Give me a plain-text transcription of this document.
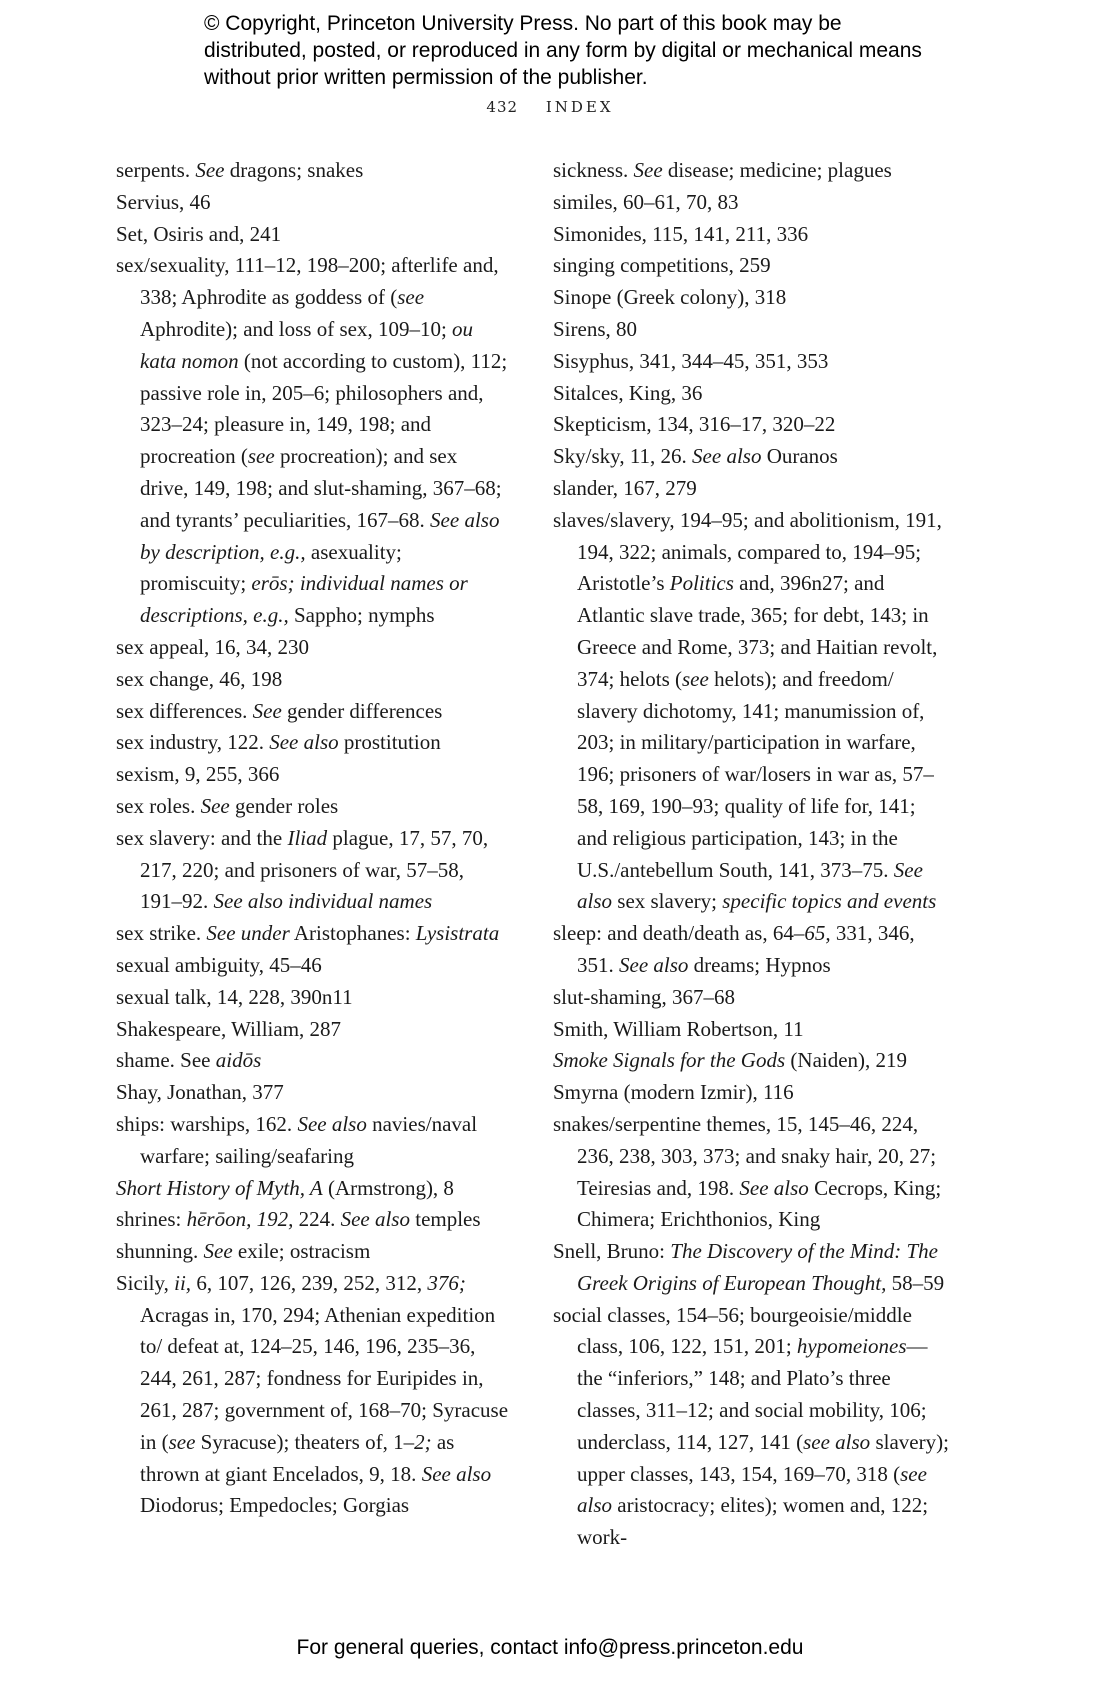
© Copyright, Princeton University Press. No part of this book may be distributed, posted, or reproduced in any form by digital or mechanical means without prior written permission of the publisher.
432 INDEX

serpents. See dragons; snakes

Servius, 46

Set, Osiris and, 241

sex/sexuality, 111–12, 198–200; afterlife and, 338; Aphrodite as goddess of (see Aphrodite); and loss of sex, 109–10; ou kata nomon (not according to custom), 112; passive role in, 205–6; philosophers and, 323–24; pleasure in, 149, 198; and procreation (see procreation); and sex drive, 149, 198; and slut-shaming, 367–68; and tyrants’ peculiarities, 167–68. See also by description, e.g., asexuality; promiscuity; erōs; individual names or descriptions, e.g., Sappho; nymphs

sex appeal, 16, 34, 230

sex change, 46, 198

sex differences. See gender differences

sex industry, 122. See also prostitution

sexism, 9, 255, 366

sex roles. See gender roles

sex slavery: and the Iliad plague, 17, 57, 70, 217, 220; and prisoners of war, 57–58, 191–92. See also individual names

sex strike. See under Aristophanes: Lysistrata

sexual ambiguity, 45–46

sexual talk, 14, 228, 390n11

Shakespeare, William, 287

shame. See aidōs

Shay, Jonathan, 377

ships: warships, 162. See also navies/naval warfare; sailing/seafaring

Short History of Myth, A (Armstrong), 8

shrines: hērōon, 192, 224. See also temples

shunning. See exile; ostracism

Sicily, ii, 6, 107, 126, 239, 252, 312, 376; Acragas in, 170, 294; Athenian expedition to/ defeat at, 124–25, 146, 196, 235–36, 244, 261, 287; fondness for Euripides in, 261, 287; government of, 168–70; Syracuse in (see Syracuse); theaters of, 1–2; as thrown at giant Encelados, 9, 18. See also Diodorus; Empedocles; Gorgias

sickness. See disease; medicine; plagues

similes, 60–61, 70, 83

Simonides, 115, 141, 211, 336

singing competitions, 259

Sinope (Greek colony), 318

Sirens, 80

Sisyphus, 341, 344–45, 351, 353

Sitalces, King, 36

Skepticism, 134, 316–17, 320–22

Sky/sky, 11, 26. See also Ouranos

slander, 167, 279

slaves/slavery, 194–95; and abolitionism, 191, 194, 322; animals, compared to, 194–95; Aristotle’s Politics and, 396n27; and Atlantic slave trade, 365; for debt, 143; in Greece and Rome, 373; and Haitian revolt, 374; helots (see helots); and freedom/ slavery dichotomy, 141; manumission of, 203; in military/participation in warfare, 196; prisoners of war/losers in war as, 57–58, 169, 190–93; quality of life for, 141; and religious participation, 143; in the U.S./antebellum South, 141, 373–75. See also sex slavery; specific topics and events

sleep: and death/death as, 64–65, 331, 346, 351. See also dreams; Hypnos

slut-shaming, 367–68

Smith, William Robertson, 11

Smoke Signals for the Gods (Naiden), 219

Smyrna (modern Izmir), 116

snakes/serpentine themes, 15, 145–46, 224, 236, 238, 303, 373; and snaky hair, 20, 27; Teiresias and, 198. See also Cecrops, King; Chimera; Erichthonios, King

Snell, Bruno: The Discovery of the Mind: The Greek Origins of European Thought, 58–59

social classes, 154–56; bourgeoisie/middle class, 106, 122, 151, 201; hypomeiones—the “inferiors,” 148; and Plato’s three classes, 311–12; and social mobility, 106; underclass, 114, 127, 141 (see also slavery); upper classes, 143, 154, 169–70, 318 (see also aristocracy; elites); women and, 122; work-

For general queries, contact info@press.princeton.edu
